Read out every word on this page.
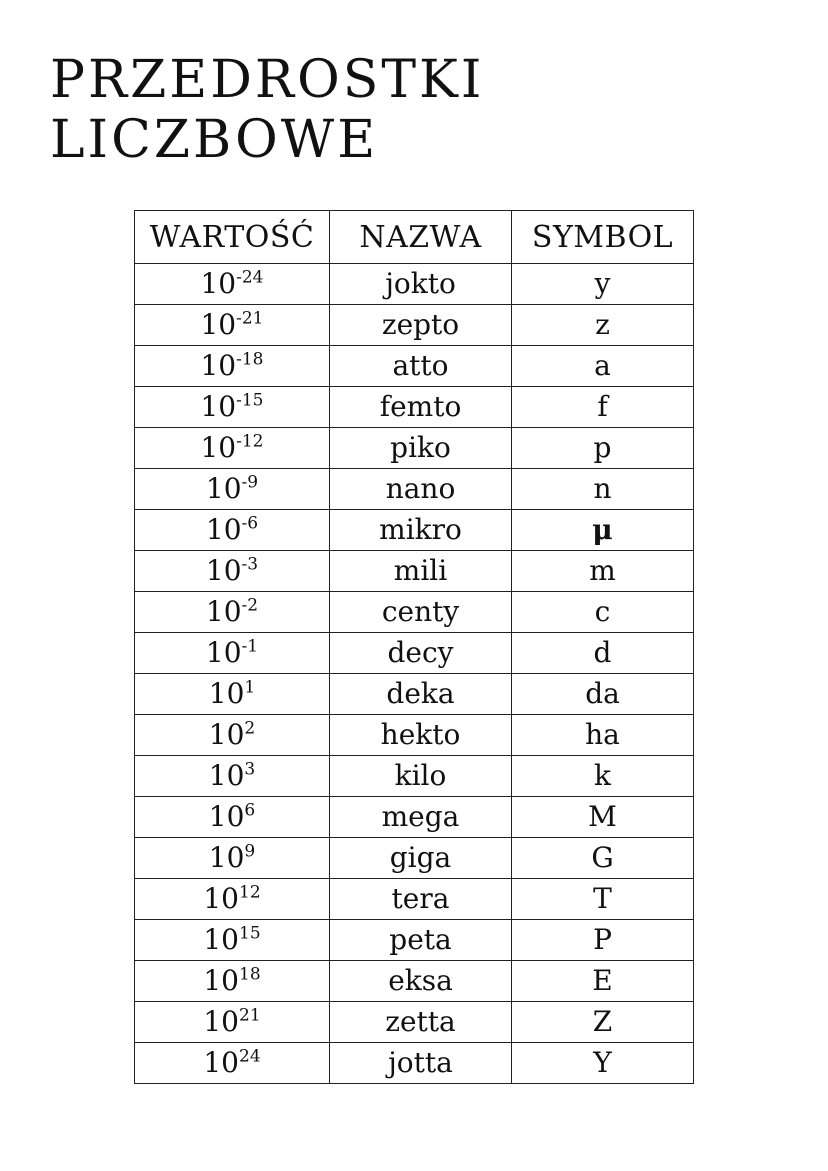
PRZEDROSTKI
LICZBOWE
WARTOŚĆ	NAZWA	SYMBOL
$10^{-24}$	jokto	y
$10^{-21}$	zepto	z
$10^{-18}$	atto	a
$10^{-15}$	femto	f
$10^{-12}$	piko	p
$10^{-9}$	nano	n
$10^{-6}$	mikro	μ
$10^{-3}$	mili	m
$10^{-2}$	centy	c
$10^{-1}$	decy	d
$10^1$	deka	da
$10^2$	hekto	ha
$10^3$	kilo	k
$10^6$	mega	M
$10^9$	giga	G
$10^{12}$	tera	T
$10^{15}$	peta	P
$10^{18}$	eksa	E
$10^{21}$	zetta	Z
$10^{24}$	jotta	Y
